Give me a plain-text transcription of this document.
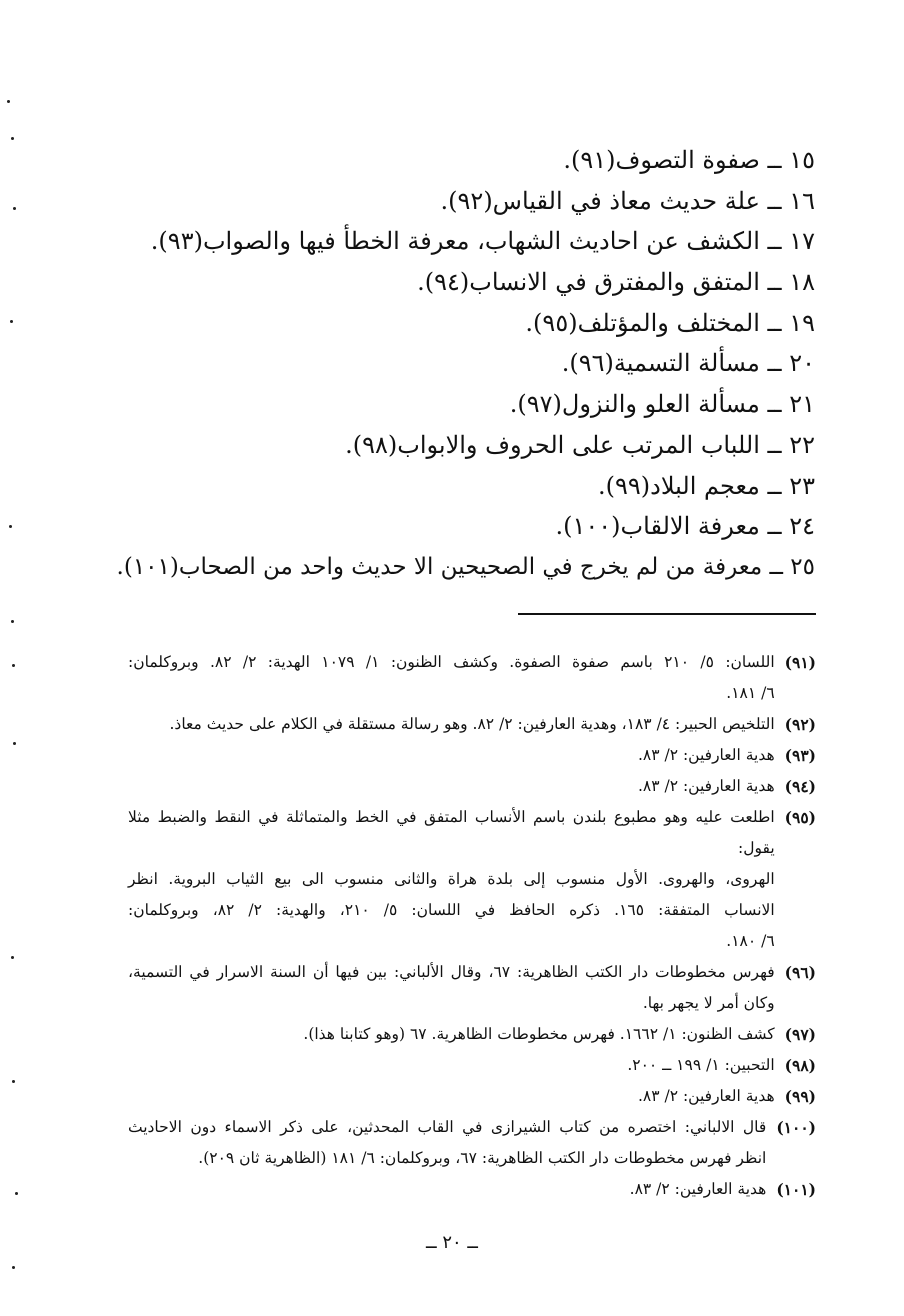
١٥ ــ صفوة التصوف(٩١).
١٦ ــ علة حديث معاذ في القياس(٩٢).
١٧ ــ الكشف عن احاديث الشهاب، معرفة الخطأ فيها والصواب(٩٣).
١٨ ــ المتفق والمفترق في الانساب(٩٤).
١٩ ــ المختلف والمؤتلف(٩٥).
٢٠ ــ مسألة التسمية(٩٦).
٢١ ــ مسألة العلو والنزول(٩٧).
٢٢ ــ اللباب المرتب على الحروف والابواب(٩٨).
٢٣ ــ معجم البلاد(٩٩).
٢٤ ــ معرفة الالقاب(١٠٠).
٢٥ ــ معرفة من لم يخرج في الصحيحين الا حديث واحد من الصحاب(١٠١).
(٩١)
اللسان: ٥/ ٢١٠ باسم صفوة الصفوة. وكشف الظنون: ١/ ١٠٧٩ الهدية: ٢/ ٨٢. وبروكلمان:
٦/ ١٨١.
(٩٢)
التلخيص الحبير: ٤/ ١٨٣، وهدية العارفين: ٢/ ٨٢. وهو رسالة مستقلة في الكلام على حديث معاذ.
(٩٣)
هدية العارفين: ٢/ ٨٣.
(٩٤)
هدية العارفين: ٢/ ٨٣.
(٩٥)
اطلعت عليه وهو مطبوع بلندن باسم الأنساب المتفق في الخط والمتماثلة في النقط والضبط مثلا يقول:
الهروى، والهروى. الأول منسوب إلى بلدة هراة والثانى منسوب الى بيع الثياب البروية. انظر
الانساب المتفقة: ١٦٥. ذكره الحافظ في اللسان: ٥/ ٢١٠، والهدية: ٢/ ٨٢، وبروكلمان:
٦/ ١٨٠.
(٩٦)
فهرس مخطوطات دار الكتب الظاهرية: ٦٧، وقال الألباني: بين فيها أن السنة الاسرار في التسمية،
وكان أمر لا يجهر بها.
(٩٧)
كشف الظنون: ١/ ١٦٦٢. فهرس مخطوطات الظاهرية. ٦٧ (وهو كتابنا هذا).
(٩٨)
التحبين: ١/ ١٩٩ ــ ٢٠٠.
(٩٩)
هدية العارفين: ٢/ ٨٣.
(١٠٠)
قال الالباني: اختصره من كتاب الشيرازى في القاب المحدثين، على ذكر الاسماء دون الاحاديث
انظر فهرس مخطوطات دار الكتب الظاهرية: ٦٧، وبروكلمان: ٦/ ١٨١ (الظاهرية ثان ٢٠٩).
(١٠١)
هدية العارفين: ٢/ ٨٣.
ــ ٢٠ ــ
